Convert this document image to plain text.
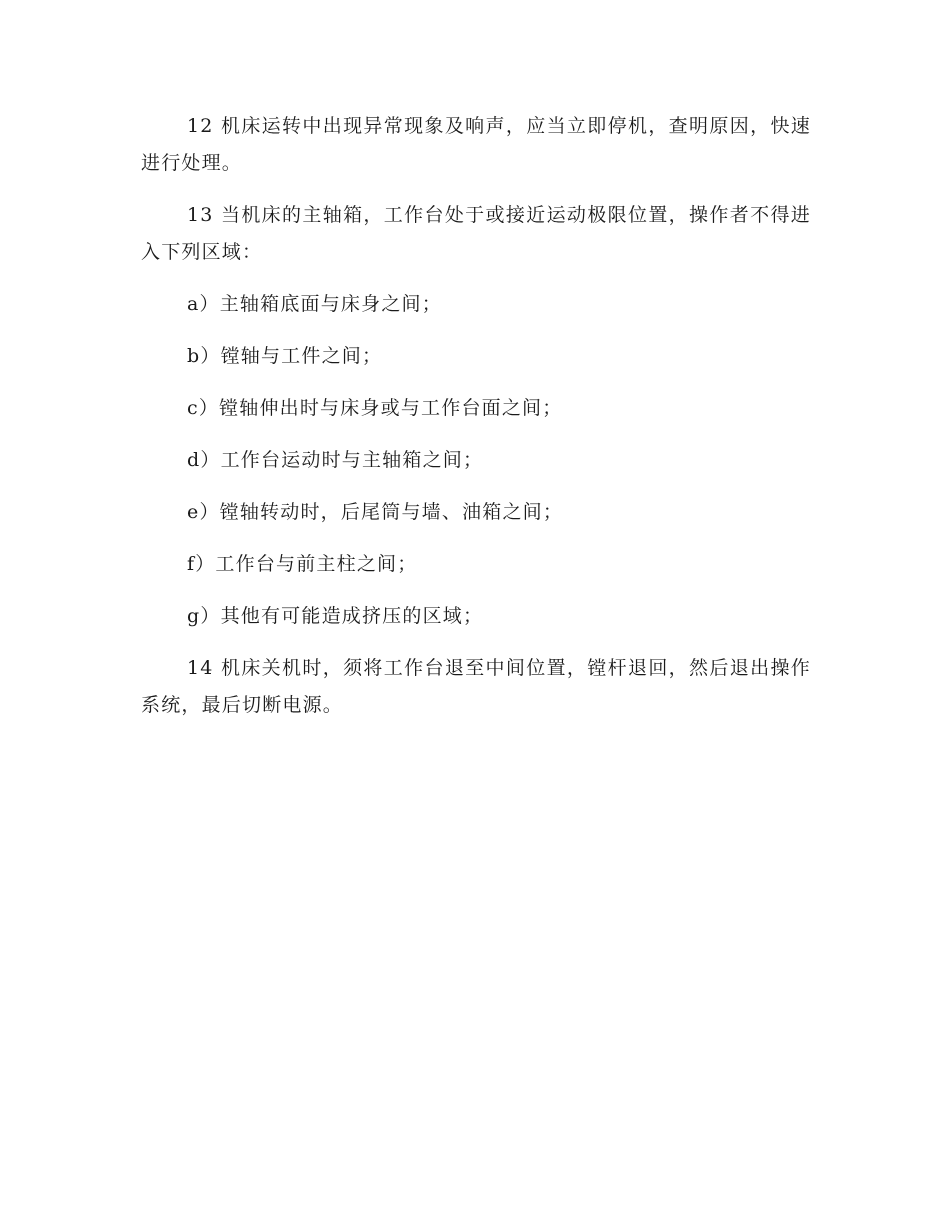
12 机床运转中出现异常现象及响声，应当立即停机，查明原因，快速进行处理。

13 当机床的主轴箱，工作台处于或接近运动极限位置，操作者不得进入下列区域：

a）主轴箱底面与床身之间；

b）镗轴与工件之间；

c）镗轴伸出时与床身或与工作台面之间；

d）工作台运动时与主轴箱之间；

e）镗轴转动时，后尾筒与墙、油箱之间；

f）工作台与前主柱之间；

g）其他有可能造成挤压的区域；

14 机床关机时，须将工作台退至中间位置，镗杆退回，然后退出操作系统，最后切断电源。
